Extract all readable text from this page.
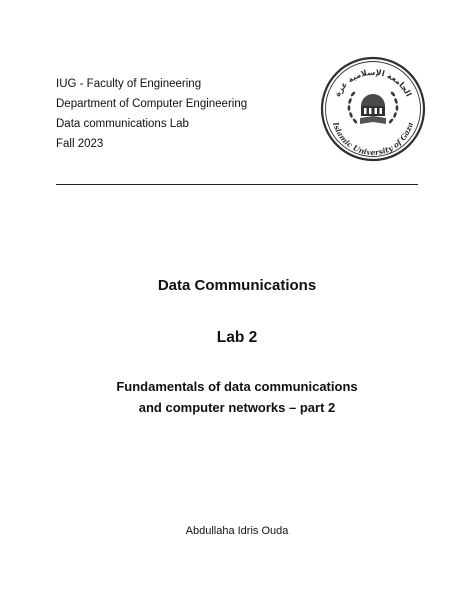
IUG - Faculty of Engineering
Department of Computer Engineering
Data communications Lab
Fall 2023
الجامعة الإسلامية غزة
Islamic University of Gaza
Data Communications
Lab 2
Fundamentals of data communications
and computer networks – part 2
Abdullaha Idris Ouda
